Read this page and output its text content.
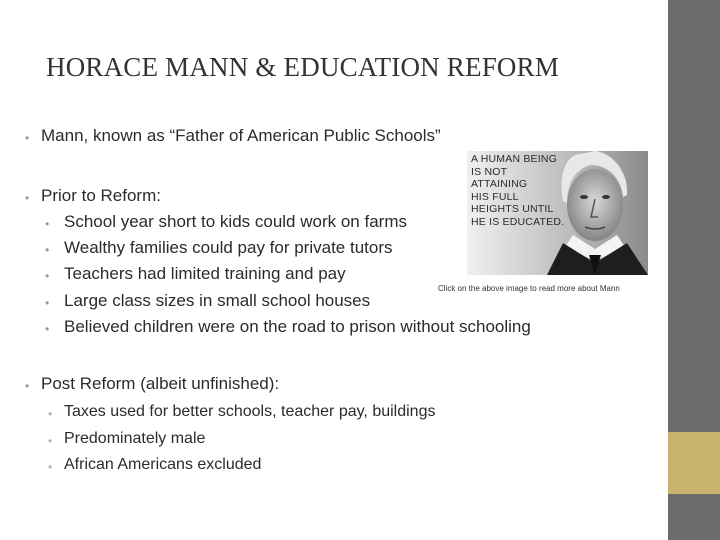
HORACE MANN & EDUCATION REFORM
• Mann, known as “Father of American Public Schools”
• Prior to Reform:
• School year short to kids could work on farms
• Wealthy families could pay for private tutors
• Teachers had limited training and pay
• Large class sizes in small school houses
• Believed children were on the road to prison without schooling
• Post Reform (albeit unfinished):
• Taxes used for better schools, teacher pay, buildings
• Predominately male
• African Americans excluded
A HUMAN BEING
IS NOT
ATTAINING
HIS FULL
HEIGHTS UNTIL
HE IS EDUCATED.
Click on the above image to read more about Mann
